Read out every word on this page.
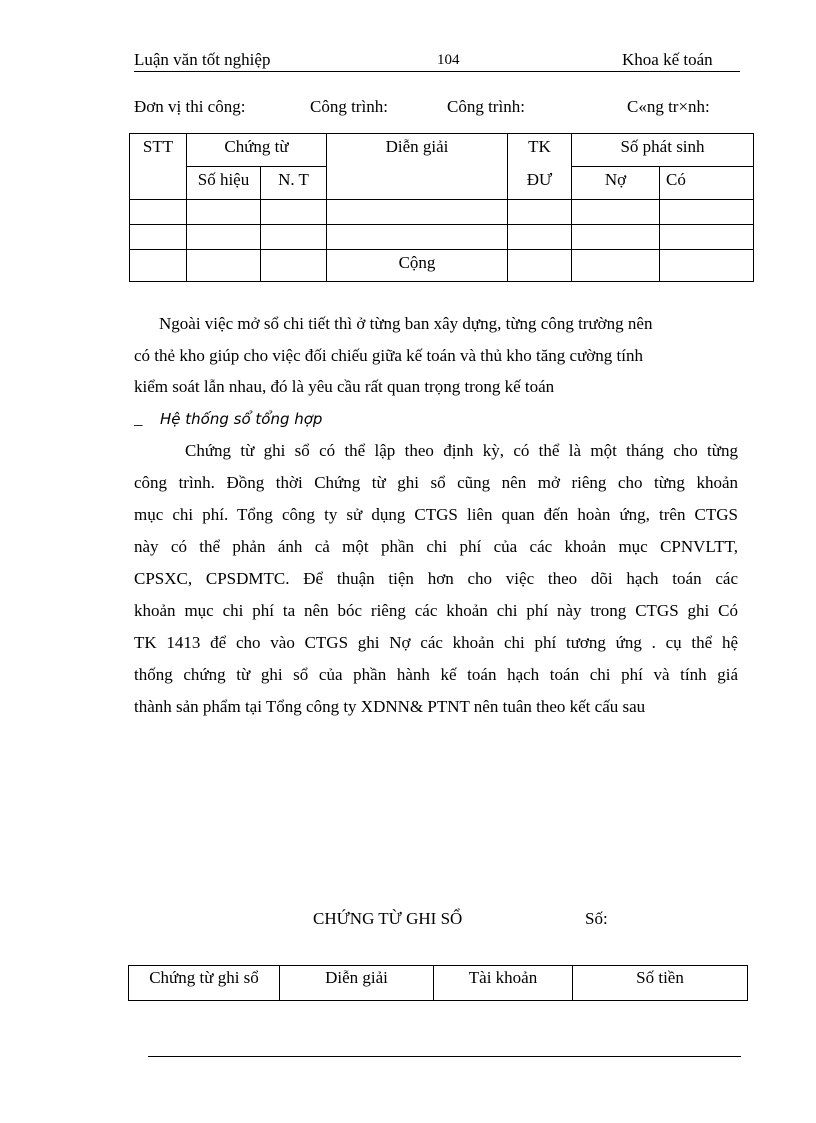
Luận văn tốt nghiệp	104	Khoa kế toán
Đơn vị thi công:	Công trình:	Công trình:	C«ng tr×nh:
STT	Chứng từ		Diễn giải	TK	Số phát sinh	

	Số hiệu	N. T		ĐƯ	Nợ	Có

			Cộng			

Ngoài việc mở sổ chi tiết thì ở từng ban xây dựng, từng công trường nên
có thẻ kho giúp cho việc đối chiếu giữa kế toán và thủ kho tăng cường tính
kiểm soát lẫn nhau, đó là yêu cầu rất quan trọng trong kế toán
_ Hệ thống sổ tổng hợp
Chứng từ ghi sổ có thể lập theo định kỳ, có thể là một tháng cho từng
công trình. Đồng thời Chứng từ ghi sổ cũng nên mở riêng cho từng khoản
mục chi phí. Tổng công ty sử dụng CTGS liên quan đến hoàn ứng, trên CTGS
này có thể phản ánh cả một phần chi phí của các khoản mục CPNVLTT,
CPSXC, CPSDMTC. Để thuận tiện hơn cho việc theo dõi hạch toán các
khoản mục chi phí ta nên bóc riêng các khoản chi phí này trong CTGS ghi Có
TK 1413 để cho vào CTGS ghi Nợ các khoản chi phí tương ứng . cụ thể hệ
thống chứng từ ghi sổ của phần hành kế toán hạch toán chi phí và tính giá
thành sản phẩm tại Tổng công ty XDNN& PTNT nên tuân theo kết cấu sau
CHỨNG TỪ GHI SỔ	Số:
Chứng từ ghi sổ	Diễn giải	Tài khoản	Số tiền
